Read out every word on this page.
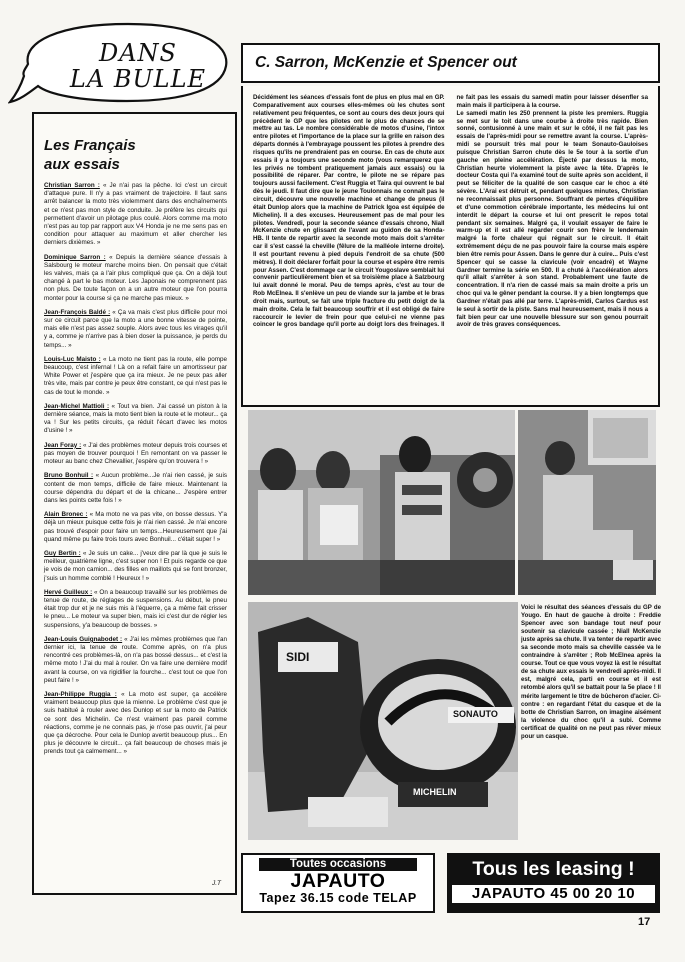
DANS
LA BULLE
Les Français
aux essais

Christian Sarron : « Je n'ai pas la pêche. Ici c'est un circuit d'attaque pure. Il n'y a pas vraiment de trajectoire. Il faut sans arrêt balancer la moto très violemment dans des enchaînements et ce n'est pas mon style de conduite. Je préfère les circuits qui permettent d'avoir un pilotage plus coulé. Alors comme ma moto n'est pas au top par rapport aux V4 Honda je ne me sens pas en condition pour attaquer au maximum et aller chercher les derniers dixièmes. »

Dominique Sarron : « Depuis la dernière séance d'essais à Salsbourg le moteur marche moins bien. On pensait que c'était les valves, mais ça a l'air plus compliqué que ça. On a déjà tout changé à part le bas moteur. Les Japonais ne comprennent pas non plus. De toute façon on a un autre moteur que l'on pourra monter pour la course si ça ne marche pas mieux. »

Jean-François Baldé : « Ça va mais c'est plus difficile pour moi sur ce circuit parce que la moto a une bonne vitesse de pointe, mais elle n'est pas assez souple. Alors avec tous les virages qu'il y a, comme je n'arrive pas à bien doser la puissance, je perds du temps... »

Louis-Luc Maisto : « La moto ne tient pas la route, elle pompe beaucoup, c'est infernal ! Là on a refait faire un amortisseur par White Power et j'espère que ça ira mieux. Je ne peux pas aller très vite, mais par contre je peux être constant, ce qui n'est pas le cas de tout le monde. »

Jean-Michel Mattioli : « Tout va bien. J'ai cassé un piston à la dernière séance, mais la moto tient bien la route et le moteur... ça va ! Sur les petits circuits, ça réduit l'écart d'avec les motos d'usine ! »

Jean Foray : « J'ai des problèmes moteur depuis trois courses et pas moyen de trouver pourquoi ! En remontant on va passer le moteur au banc chez Chevallier, j'espère qu'on trouvera ! »

Bruno Bonhuil : « Aucun problème...Je n'ai rien cassé, je suis content de mon temps, difficile de faire mieux. Maintenant la course dépendra du départ et de la chicane... J'espère entrer dans les points cette fois ! »

Alain Bronec : « Ma moto ne va pas vite, on bosse dessus. Y'a déjà un mieux puisque cette fois je n'ai rien cassé. Je n'ai encore pas trouvé d'espoir pour faire un temps...Heureusement que j'ai quand même pu faire trois tours avec Bonhuil... c'était super ! »

Guy Bertin : « Je suis un cake... j'veux dire par là que je suis le meilleur, quatrième ligne, c'est super non ! Et puis regarde ce que je vois de mon camion... des filles en maillots qui se font bronzer, j'suis un homme comblé ! Heureux ! »

Hervé Guilleux : « On a beaucoup travaillé sur les problèmes de tenue de route, de réglages de suspensions. Au début, le pneu était trop dur et je ne suis mis à l'équerre, ça a même fait crisser le pneu... Le moteur va super bien, mais ici c'est dur de régler les suspensions, y'a beaucoup de bosses. »

Jean-Louis Guignabodet : « J'ai les mêmes problèmes que l'an dernier ici, la tenue de route. Comme après, on n'a plus rencontré ces problèmes-là, on n'a pas bossé dessus... et c'est la même moto ! J'ai du mal à rouler. On va faire une dernière modif avant la course, on va rigidifier la fourche... c'est tout ce que l'on peut faire ! »

Jean-Philippe Ruggia : « La moto est super, ça accélère vraiment beaucoup plus que la mienne. Le problème c'est que je suis habitué à rouler avec des Dunlop et sur la moto de Patrick ce sont des Michelin. Ce n'est vraiment pas pareil comme réactions, comme je ne connais pas, je n'ose pas ouvrir, j'ai peur que ça décroche. Pour cela le Dunlop avertit beaucoup plus... En plus je découvre le circuit... ça fait beaucoup de choses mais je prends tout ça calmement... »

J.T
C. Sarron, McKenzie et Spencer out

Décidément les séances d'essais font de plus en plus mal en GP. Comparativement aux courses elles-mêmes où les chutes sont relativement peu fréquentes, ce sont au cours des deux jours qui précèdent le GP que les pilotes ont le plus de chances de se mettre au tas. Le nombre considérable de motos d'usine, l'intox entre pilotes et l'importance de la place sur la grille en raison des départs donnés à l'embrayage poussent les pilotes à prendre des risques qu'ils ne prendraient pas en course. En cas de chute aux essais il y a toujours une seconde moto (vous remarquerez que les privés ne tombent pratiquement jamais aux essais) ou la possibilité de réparer. Par contre, le pilote ne se répare pas toujours aussi facilement. C'est Ruggia et Taira qui ouvrent le bal dès le jeudi. Il faut dire que le jeune Toulonnais ne connaît pas le circuit, découvre une nouvelle machine et change de pneus (il était Dunlop alors que la machine de Patrick Igoa est équipée de Michelin). Il a des excuses. Heureusement pas de mal pour les pilotes. Vendredi, pour la seconde séance d'essais chrono, Niall McKenzie chute en glissant de l'avant au guidon de sa Honda-HB. Il tente de repartir avec la seconde moto mais doit s'arrêter car il s'est cassé la cheville (fêlure de la malléole interne droite). Il est pourtant revenu à pied depuis l'endroit de sa chute (500 mètres). Il doit déclarer forfait pour la course et espère être remis pour Assen. C'est dommage car le circuit Yougoslave semblait lui convenir particulièrement bien et sa troisième place à Salzbourg lui avait donné le moral. Peu de temps après, c'est au tour de Rob McElnea. Il s'enlève un peu de viande sur la jambe et le bras droit mais, surtout, se fait une triple fracture du petit doigt de la main droite. Cela le fait beaucoup souffrir et il est obligé de faire raccourcir le levier de frein pour que celui-ci ne vienne pas coincer le gros bandage qu'il porte au doigt lors des freinages. Il ne fait pas les essais du samedi matin pour laisser désenfler sa main mais il participera à la course.

Le samedi matin les 250 prennent la piste les premiers. Ruggia se met sur le toit dans une courbe à droite très rapide. Bien sonné, contusionné à une main et sur le côté, il ne fait pas les essais de l'après-midi pour se remettre avant la course. L'après-midi se poursuit très mal pour le team Sonauto-Gauloises puisque Christian Sarron chute dès le 5e tour à la sortie d'un gauche en pleine accélération. Éjecté par dessus la moto, Christian heurte violemment la piste avec la tête. D'après le docteur Costa qui l'a examiné tout de suite après son accident, il peut se féliciter de la qualité de son casque car le choc a été sévère. L'Arai est détruit et, pendant quelques minutes, Christian ne reconnaissait plus personne. Souffrant de pertes d'équilibre et d'une commotion cérébrale importante, les médecins lui ont interdit le départ la course et lui ont prescrit le repos total pendant six semaines. Malgré ça, il voulait essayer de faire le warm-up et il est allé regarder courir son frère le lendemain malgré la forte chaleur qui régnait sur le circuit. Il était extrêmement déçu de ne pas pouvoir faire la course mais espère bien être remis pour Assen. Dans le genre dur à cuire... Puis c'est Spencer qui se casse la clavicule (voir encadré) et Wayne Gardner termine la série en 500. Il a chuté à l'accélération alors qu'il allait s'arrêter à son stand. Probablement une faute de concentration. Il n'a rien de cassé mais sa main droite a pris un choc qui va le gêner pendant la course. Il y a bien longtemps que Gardner n'était pas allé par terre. L'après-midi, Carlos Cardus est le seul à sortir de la piste. Sans mal heureusement, mais il nous a fait bien peur car une nouvelle blessure sur son genou pourrait avoir de très graves conséquences.

SIDI
SONAUTO
MICHELIN
Voici le résultat des séances d'essais du GP de Yougo. En haut de gauche à droite : Freddie Spencer avec son bandage tout neuf pour soutenir sa clavicule cassée ; Niall McKenzie juste après sa chute. Il va tenter de repartir avec sa seconde moto mais sa cheville cassée va le contraindre à s'arrêter ; Rob McElnea après la course. Tout ce que vous voyez là est le résultat de sa chute aux essais le vendredi après-midi. Il est, malgré cela, parti en course et il est retombé alors qu'il se battait pour la 5e place ! Il mérite largement le titre de bûcheron d'acier. Ci-contre : en regardant l'état du casque et de la botte de Christian Sarron, on imagine aisément la violence du choc qu'il a subi. Comme certificat de qualité on ne peut pas rêver mieux pour un casque.
Toutes occasions
JAPAUTO
Tapez 36.15 code TELAP
Tous les leasing !
JAPAUTO 45 00 20 10
17
